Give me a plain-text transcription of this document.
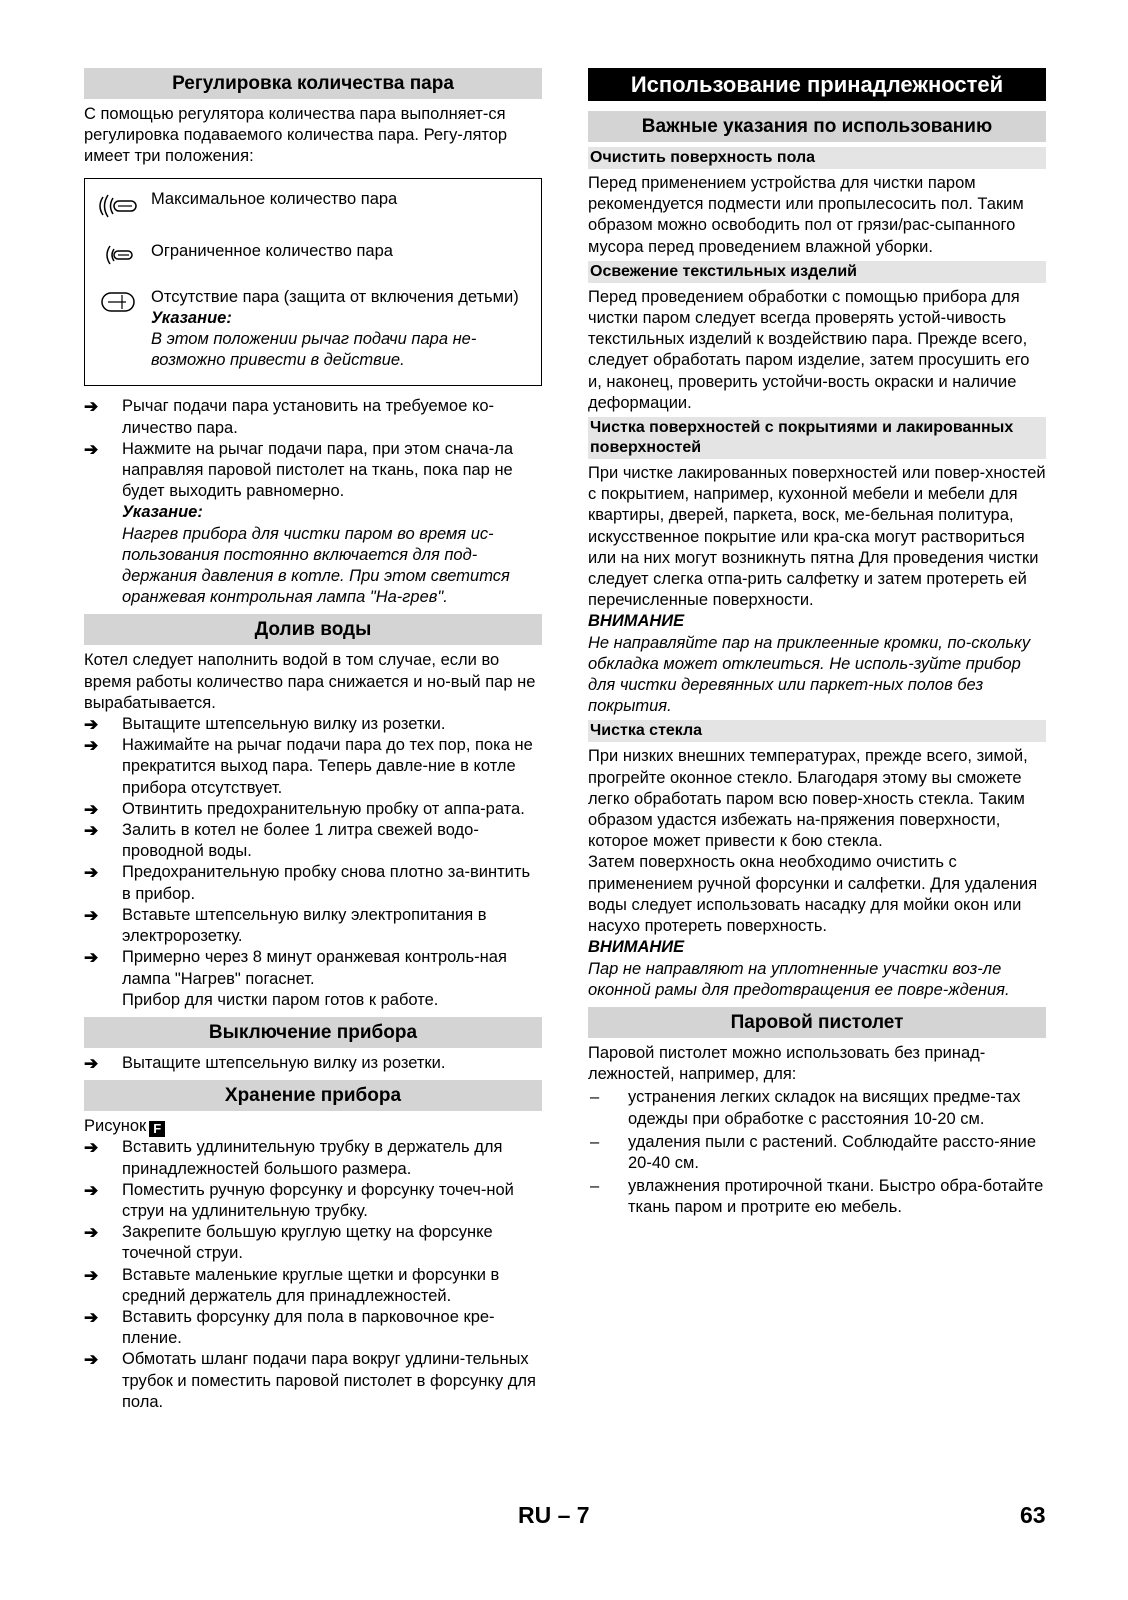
Регулировка количества пара

С помощью регулятора количества пара выполняет-ся регулировка подаваемого количества пара. Регу-лятор имеет три положения:

Максимальное количество пара
Ограниченное количество пара
Отсутствие пара (защита от включения детьми)
Указание:
В этом положении рычаг подачи пара не-возможно привести в действие.
➔	Рычаг подачи пара установить на требуемое ко-личество пара.
➔	Нажмите на рычаг подачи пара, при этом снача-ла направляя паровой пистолет на ткань, пока пар не будет выходить равномерно.
Указание:
Нагрев прибора для чистки паром во время ис-пользования постоянно включается для под-держания давления в котле. При этом светится оранжевая контрольная лампа "На-грев".
Долив воды

Котел следует наполнить водой в том случае, если во время работы количество пара снижается и но-вый пар не вырабатывается.

➔	Вытащите штепсельную вилку из розетки.
➔	Нажимайте на рычаг подачи пара до тех пор, пока не прекратится выход пара. Теперь давле-ние в котле прибора отсутствует.
➔	Отвинтить предохранительную пробку от аппа-рата.
➔	Залить в котел не более 1 литра свежей водо-проводной воды.
➔	Предохранительную пробку снова плотно за-винтить в прибор.
➔	Вставьте штепсельную вилку электропитания в электророзетку.
➔	Примерно через 8 минут оранжевая контроль-ная лампа "Нагрев" погаснет.
Прибор для чистки паром готов к работе.
Выключение прибора
➔	Вытащите штепсельную вилку из розетки.
Хранение прибора
Рисунок F
➔	Вставить удлинительную трубку в держатель для принадлежностей большого размера.
➔	Поместить ручную форсунку и форсунку точеч-ной струи на удлинительную трубку.
➔	Закрепите большую круглую щетку на форсунке точечной струи.
➔	Вставьте маленькие круглые щетки и форсунки в средний держатель для принадлежностей.
➔	Вставить форсунку для пола в парковочное кре-пление.
➔	Обмотать шланг подачи пара вокруг удлини-тельных трубок и поместить паровой пистолет в форсунку для пола.
Использование принадлежностей
Важные указания по использованию
Очистить поверхность пола

Перед применением устройства для чистки паром рекомендуется подмести или пропылесосить пол. Таким образом можно освободить пол от грязи/рас-сыпанного мусора перед проведением влажной уборки.

Освежение текстильных изделий

Перед проведением обработки с помощью прибора для чистки паром следует всегда проверять устой-чивость текстильных изделий к воздействию пара. Прежде всего, следует обработать паром изделие, затем просушить его и, наконец, проверить устойчи-вость окраски и наличие деформации.

Чистка поверхностей с покрытиями и лакированных поверхностей

При чистке лакированных поверхностей или повер-хностей с покрытием, например, кухонной мебели и мебели для квартиры, дверей, паркета, воск, ме-бельная политура, искусственное покрытие или кра-ска могут раствориться или на них могут возникнуть пятна Для проведения чистки следует слегка отпа-рить салфетку и затем протереть ей перечисленные поверхности.

ВНИМАНИЕ

Не направляйте пар на приклеенные кромки, по-скольку обкладка может отклеиться. Не исполь-зуйте прибор для чистки деревянных или паркет-ных полов без покрытия.

Чистка стекла

При низких внешних температурах, прежде всего, зимой, прогрейте оконное стекло. Благодаря этому вы сможете легко обработать паром всю повер-хность стекла. Таким образом удастся избежать на-пряжения поверхности, которое может привести к бою стекла.

Затем поверхность окна необходимо очистить с применением ручной форсунки и салфетки. Для удаления воды следует использовать насадку для мойки окон или насухо протереть поверхность.

ВНИМАНИЕ

Пар не направляют на уплотненные участки воз-ле оконной рамы для предотвращения ее повре-ждения.

Паровой пистолет

Паровой пистолет можно использовать без принад-лежностей, например, для:

–	устранения легких складок на висящих предме-тах одежды при обработке с расстояния 10-20 см.
–	удаления пыли с растений. Соблюдайте рассто-яние 20-40 см.
–	увлажнения протирочной ткани. Быстро обра-ботайте ткань паром и протрите ею мебель.
RU – 7	63
